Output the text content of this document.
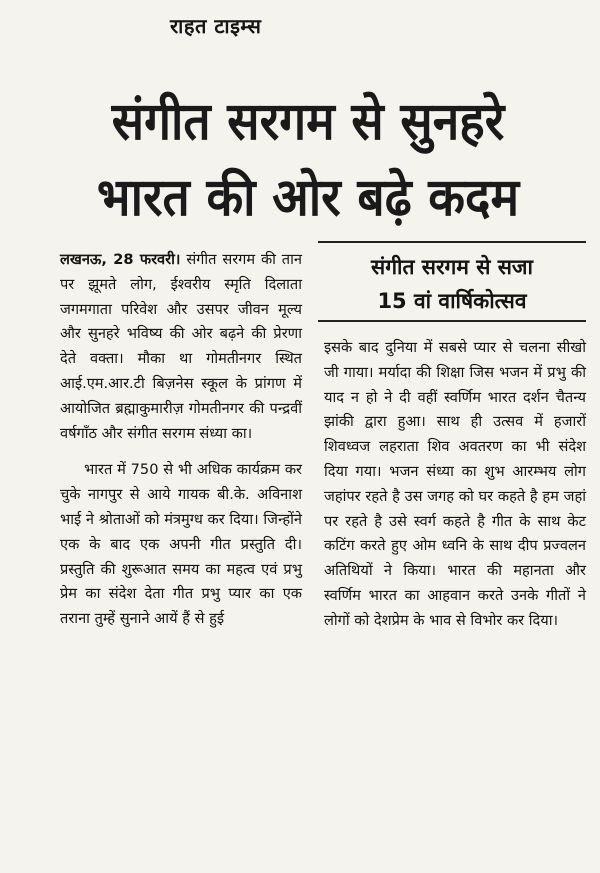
राहत टाइम्स
संगीत सरगम से सुनहरे
भारत की ओर बढ़े कदम

लखनऊ, 28 फरवरी। संगीत सरगम की तान पर झूमते लोग, ईश्वरीय स्मृति दिलाता जगमगाता परिवेश और उसपर जीवन मूल्य और सुनहरे भविष्य की ओर बढ़ने की प्रेरणा देते वक्ता। मौका था गोमतीनगर स्थित आई.एम.आर.टी बिज़नेस स्कूल के प्रांगण में आयोजित ब्रह्माकुमारीज़ गोमतीनगर की पन्द्रवीं वर्षगाँठ और संगीत सरगम संध्या का।

भारत में 750 से भी अधिक कार्यक्रम कर चुके नागपुर से आये गायक बी.के. अविनाश भाई ने श्रोताओं को मंत्रमुग्ध कर दिया। जिन्होंने एक के बाद एक अपनी गीत प्रस्तुति दी। प्रस्तुति की शुरूआत समय का महत्व एवं प्रभु प्रेम का संदेश देता गीत प्रभु प्यार का एक तराना तुम्हें सुनाने आयें हैं से हुई

संगीत सरगम से सजा
15 वां वार्षिकोत्सव

इसके बाद दुनिया में सबसे प्यार से चलना सीखो जी गाया। मर्यादा की शिक्षा जिस भजन में प्रभु की याद न हो ने दी वहीं स्वर्णिम भारत दर्शन चैतन्य झांकी द्वारा हुआ। साथ ही उत्सव में हजारों शिवध्वज लहराता शिव अवतरण का भी संदेश दिया गया। भजन संध्या का शुभ आरम्भय लोग जहांपर रहते है उस जगह को घर कहते है हम जहां पर रहते है उसे स्वर्ग कहते है गीत के साथ केट कटिंग करते हुए ओम ध्वनि के साथ दीप प्रज्वलन अतिथियों ने किया। भारत की महानता और स्वर्णिम भारत का आहवान करते उनके गीतों ने लोगों को देशप्रेम के भाव से विभोर कर दिया।
